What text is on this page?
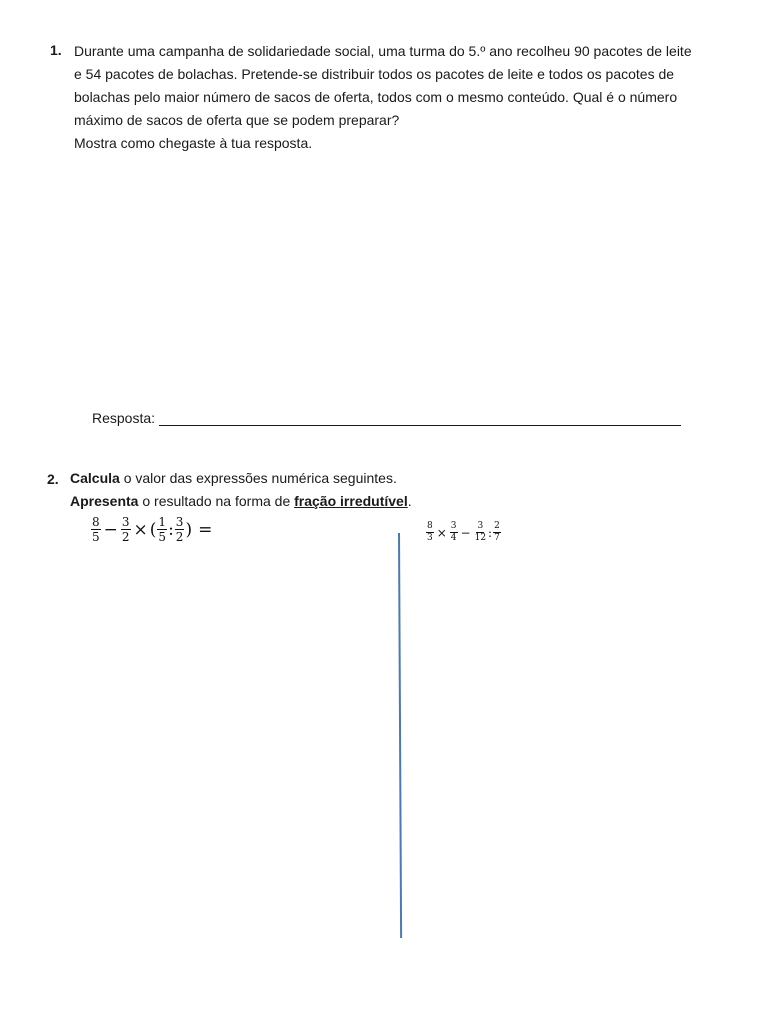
1. Durante uma campanha de solidariedade social, uma turma do 5.º ano recolheu 90 pacotes de leite

e 54 pacotes de bolachas. Pretende-se distribuir todos os pacotes de leite e todos os pacotes de

bolachas pelo maior número de sacos de oferta, todos com o mesmo conteúdo. Qual é o número

máximo de sacos de oferta que se podem preparar?

Mostra como chegaste à tua resposta.

Resposta:
2. Calcula o valor das expressões numérica seguintes.
Apresenta o resultado na forma de fração irredutível.
$\frac{8}{5} - \frac{3}{2}$ × ( $\frac{1}{5}$ : $\frac{3}{2}$ ) =	$\frac{8}{3} \times \frac{3}{4} - \frac{3}{12}$ : $\frac{2}{7}$
